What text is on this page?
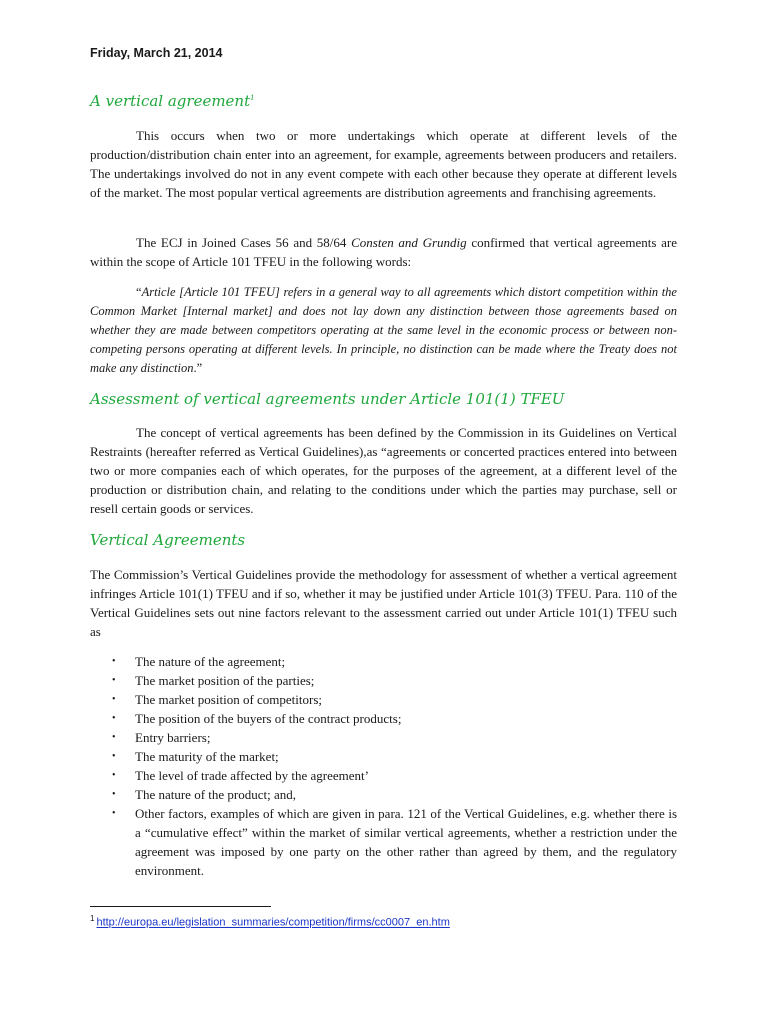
Friday, March 21, 2014
A vertical agreement$^1$

This occurs when two or more undertakings which operate at different levels of the production/distribution chain enter into an agreement, for example, agreements between producers and retailers. The undertakings involved do not in any event compete with each other because they operate at different levels of the market. The most popular vertical agreements are distribution agreements and franchising agreements.

The ECJ in Joined Cases 56 and 58/64 Consten and Grundig confirmed that vertical agreements are within the scope of Article 101 TFEU in the following words:

“Article [Article 101 TFEU] refers in a general way to all agreements which distort competition within the Common Market [Internal market] and does not lay down any distinction between those agreements based on whether they are made between competitors operating at the same level in the economic process or between non-competing persons operating at different levels. In principle, no distinction can be made where the Treaty does not make any distinction.”

Assessment of vertical agreements under Article 101(1) TFEU

The concept of vertical agreements has been defined by the Commission in its Guidelines on Vertical Restraints (hereafter referred as Vertical Guidelines),as “agreements or concerted practices entered into between two or more companies each of which operates, for the purposes of the agreement, at a different level of the production or distribution chain, and relating to the conditions under which the parties may purchase, sell or resell certain goods or services.

Vertical Agreements

The Commission’s Vertical Guidelines provide the methodology for assessment of whether a vertical agreement infringes Article 101(1) TFEU and if so, whether it may be justified under Article 101(3) TFEU. Para. 110 of the Vertical Guidelines sets out nine factors relevant to the assessment carried out under Article 101(1) TFEU such as

• The nature of the agreement;
• The market position of the parties;
• The market position of competitors;
• The position of the buyers of the contract products;
• Entry barriers;
• The maturity of the market;
• The level of trade affected by the agreement’
• The nature of the product; and,
• Other factors, examples of which are given in para. 121 of the Vertical Guidelines, e.g. whether there is a “cumulative effect” within the market of similar vertical agreements, whether a restriction under the agreement was imposed by one party on the other rather than agreed by them, and the regulatory environment.
$^1$ http://europa.eu/legislation_summaries/competition/firms/cc0007_en.htm
